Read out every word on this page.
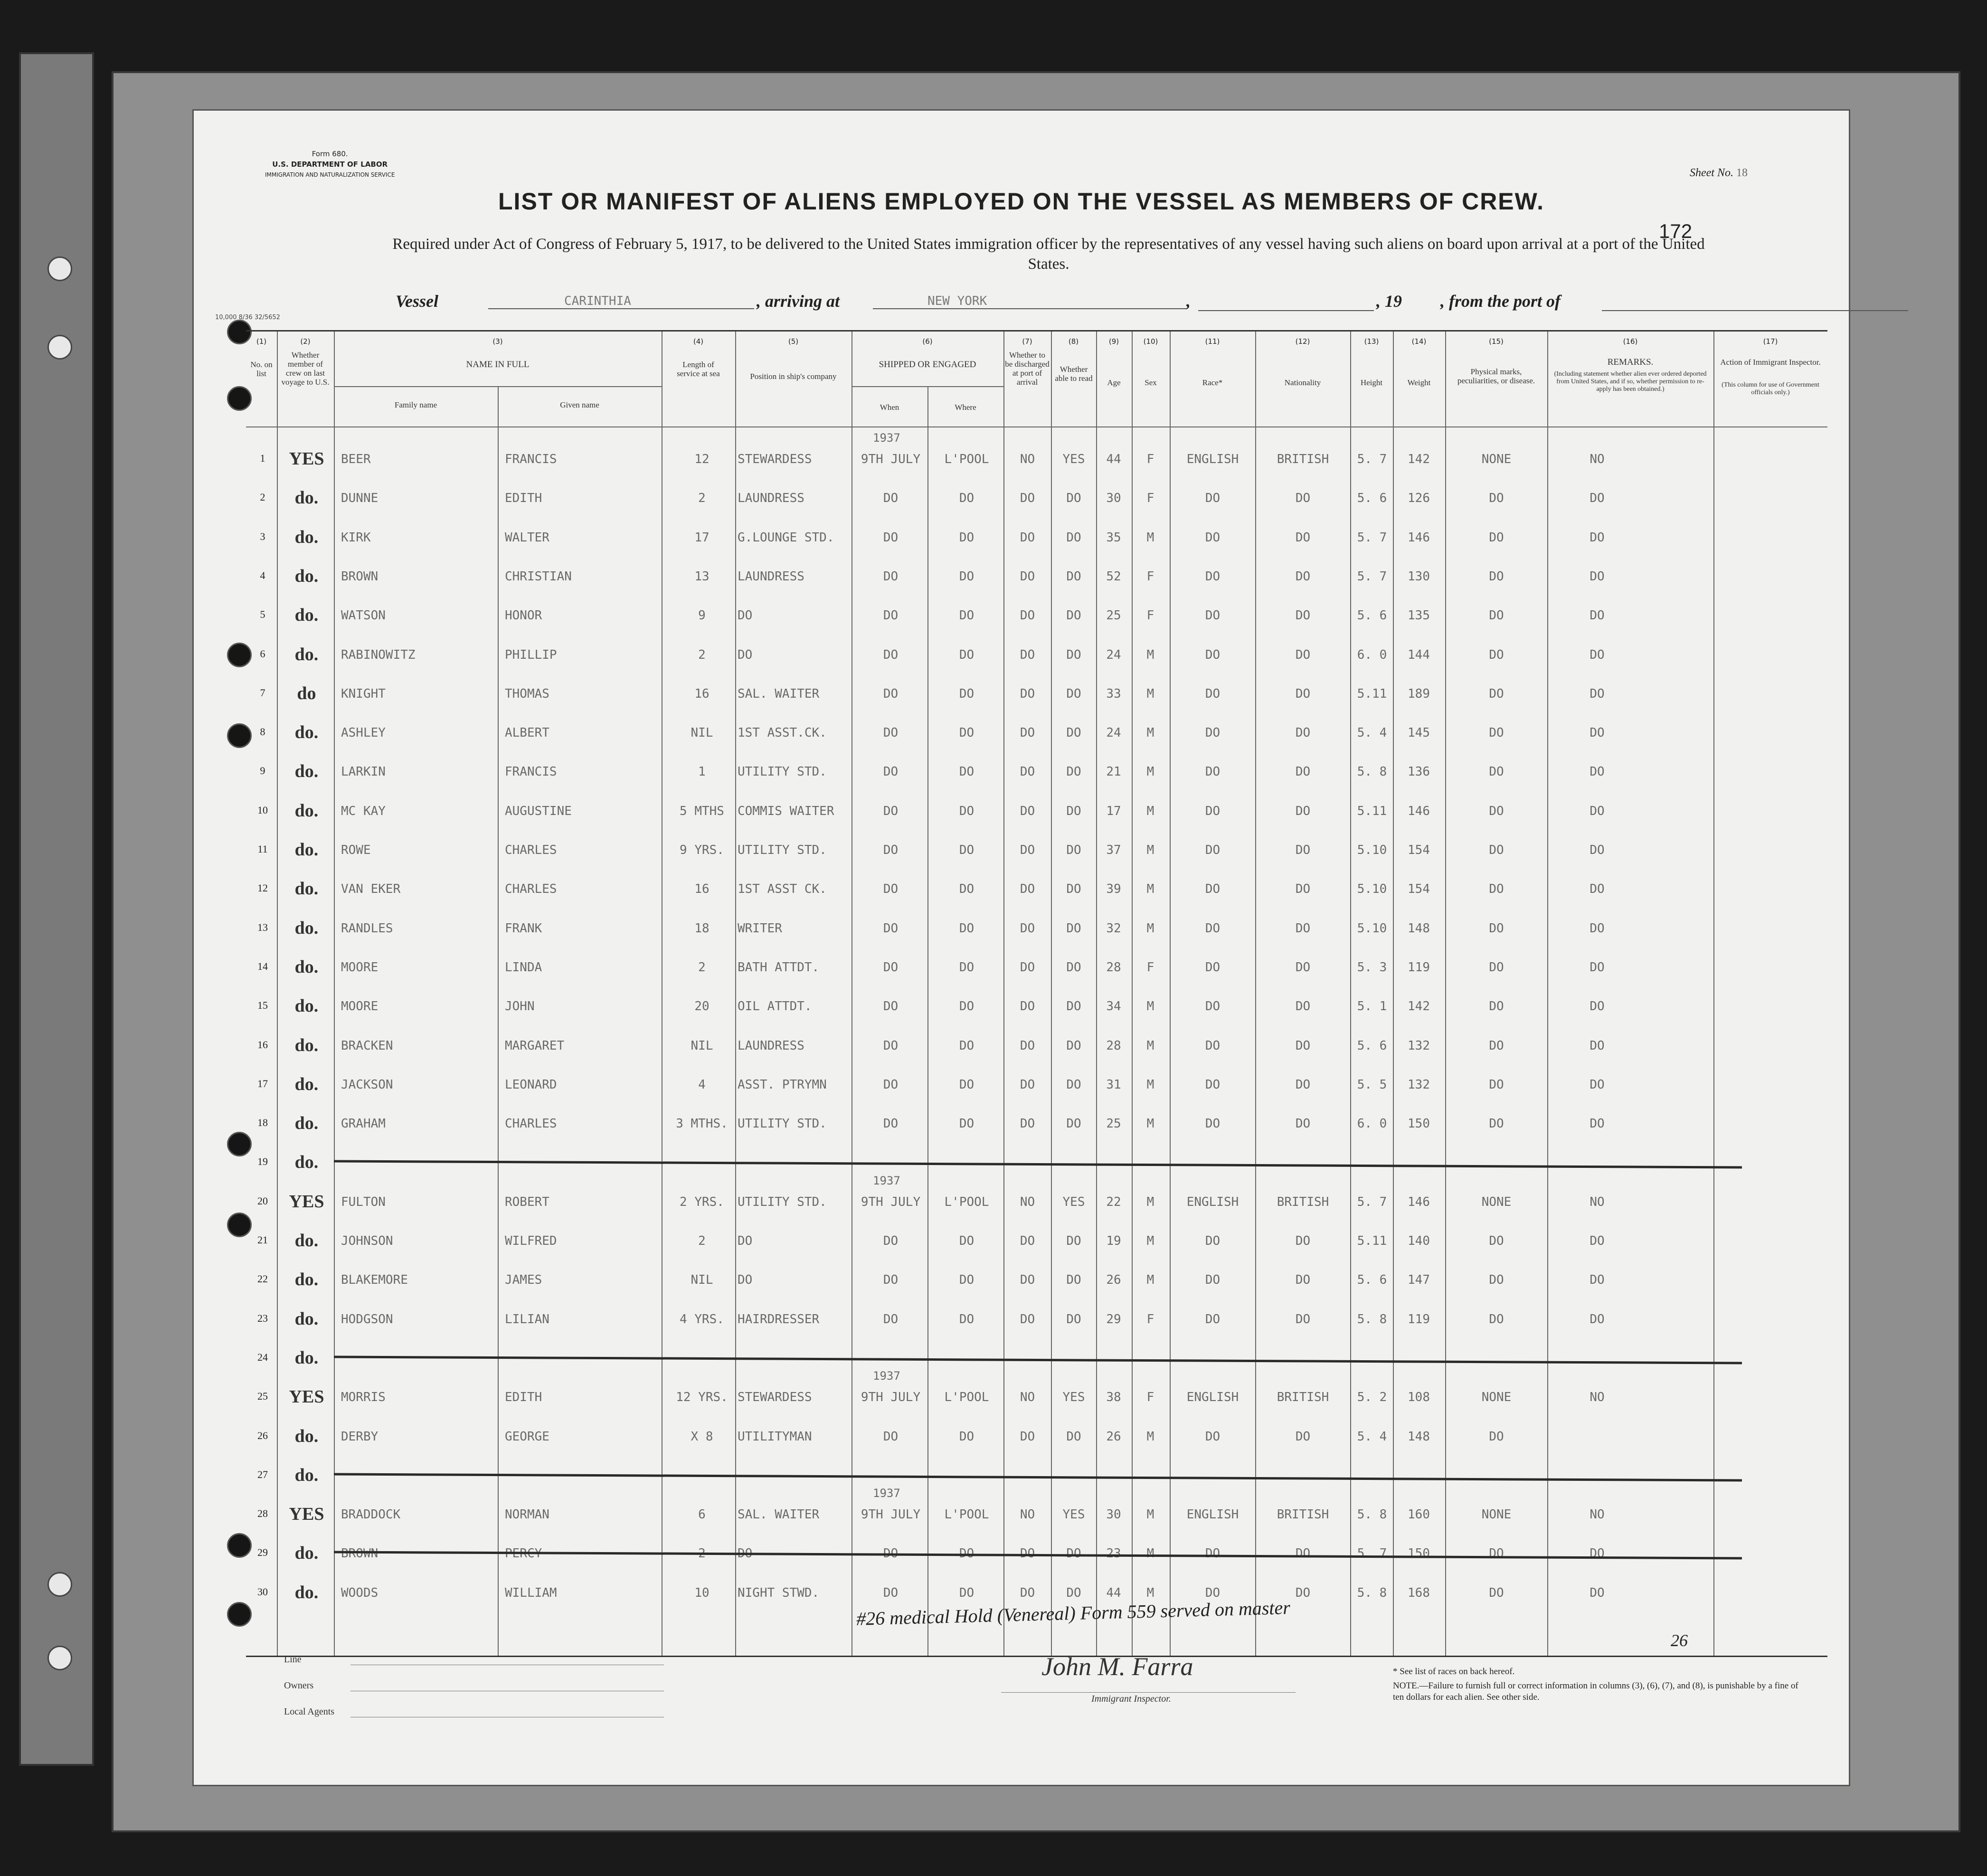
Form 680.
U.S. DEPARTMENT OF LABOR
IMMIGRATION AND NATURALIZATION SERVICE
LIST OR MANIFEST OF ALIENS EMPLOYED ON THE VESSEL AS MEMBERS OF CREW.
Required under Act of Congress of February 5, 1917, to be delivered to the United States immigration officer by the representatives of any vessel having such aliens on board upon arrival at a port of the United States.
Sheet No. 18
172
10,000 8/36 32/5652
Vessel	CARINTHIA	, arriving at	NEW YORK	,	, 19 , from the port of
(1)	(2)	(3)	(4)	(5)	(6)	(7)	(8)	(9)	(10)	(11)	(12)	(13)	(14)	(15)	(16)	(17)
No. on list
Whether member of crew on last voyage to U.S.
NAME IN FULL
Family name	Given name
Length of service at sea	Position in ship's company
SHIPPED OR ENGAGED
When	Where
Whether to be discharged at port of arrival
Whether able to read	Age	Sex	Race*	Nationality	Height	Weight
Physical marks, peculiarities, or disease.
REMARKS.
(Including statement whether alien ever ordered deported from United States, and if so, whether permission to re-apply has been obtained.)
Action of Immigrant Inspector.
(This column for use of Government officials only.)
1	YES	BEER	FRANCIS	12	STEWARDESS	9TH JULY	L'POOL	NO	YES	44	F	ENGLISH	BRITISH	5. 7	142	NONE	NO
2	do.	DUNNE	EDITH	2	LAUNDRESS	DO	DO	DO	DO	30	F	DO	DO	5. 6	126	DO	DO
3	do.	KIRK	WALTER	17	G.LOUNGE STD.	DO	DO	DO	DO	35	M	DO	DO	5. 7	146	DO	DO
4	do.	BROWN	CHRISTIAN	13	LAUNDRESS	DO	DO	DO	DO	52	F	DO	DO	5. 7	130	DO	DO
5	do.	WATSON	HONOR	9	DO	DO	DO	DO	DO	25	F	DO	DO	5. 6	135	DO	DO
6	do.	RABINOWITZ	PHILLIP	2	DO	DO	DO	DO	DO	24	M	DO	DO	6. 0	144	DO	DO
7	do	KNIGHT	THOMAS	16	SAL. WAITER	DO	DO	DO	DO	33	M	DO	DO	5.11	189	DO	DO
8	do.	ASHLEY	ALBERT	NIL	1ST ASST.CK.	DO	DO	DO	DO	24	M	DO	DO	5. 4	145	DO	DO
9	do.	LARKIN	FRANCIS	1	UTILITY STD.	DO	DO	DO	DO	21	M	DO	DO	5. 8	136	DO	DO
10	do.	MC KAY	AUGUSTINE	5 MTHS	COMMIS WAITER	DO	DO	DO	DO	17	M	DO	DO	5.11	146	DO	DO
11	do.	ROWE	CHARLES	9 YRS.	UTILITY STD.	DO	DO	DO	DO	37	M	DO	DO	5.10	154	DO	DO
12	do.	VAN EKER	CHARLES	16	1ST ASST CK.	DO	DO	DO	DO	39	M	DO	DO	5.10	154	DO	DO
13	do.	RANDLES	FRANK	18	WRITER	DO	DO	DO	DO	32	M	DO	DO	5.10	148	DO	DO
14	do.	MOORE	LINDA	2	BATH ATTDT.	DO	DO	DO	DO	28	F	DO	DO	5. 3	119	DO	DO
15	do.	MOORE	JOHN	20	OIL ATTDT.	DO	DO	DO	DO	34	M	DO	DO	5. 1	142	DO	DO
16	do.	BRACKEN	MARGARET	NIL	LAUNDRESS	DO	DO	DO	DO	28	M	DO	DO	5. 6	132	DO	DO
17	do.	JACKSON	LEONARD	4	ASST. PTRYMN	DO	DO	DO	DO	31	M	DO	DO	5. 5	132	DO	DO
18	do.	GRAHAM	CHARLES	3 MTHS. UTILITY STD.	DO	DO	DO	DO	25	M	DO	DO	6. 0	150	DO	DO
19	do.
20	YES	FULTON	ROBERT	2 YRS.	UTILITY STD.	9TH JULY	L'POOL	NO	YES	22	M	ENGLISH	BRITISH	5. 7	146	NONE	NO
21	do.	JOHNSON	WILFRED	2	DO	DO	DO	DO	DO	19	M	DO	DO	5.11	140	DO	DO
22	do.	BLAKEMORE	JAMES	NIL	DO	DO	DO	DO	DO	26	M	DO	DO	5. 6	147	DO	DO
23	do.	HODGSON	LILIAN	4 YRS.	HAIRDRESSER	DO	DO	DO	DO	29	F	DO	DO	5. 8	119	DO	DO
24	do.
25	YES	MORRIS	EDITH	12 YRS. STEWARDESS	9TH JULY	L'POOL	NO	YES	38	F	ENGLISH	BRITISH	5. 2	108	NONE	NO
26	do.	DERBY	GEORGE	X 8	UTILITYMAN	DO	DO	DO	DO	26	M	DO	DO	5. 4	148	DO
27	do.
28	YES	BRADDOCK	NORMAN	6	SAL. WAITER	9TH JULY	L'POOL	NO	YES	30	M	ENGLISH	BRITISH	5. 8	160	NONE	NO
29	do.	BROWN	PERCY	2	DO	DO	DO	DO	DO	23	M	DO	DO	5. 7	150	DO	DO
30	do.	WOODS	WILLIAM	10	NIGHT STWD.	DO	DO	DO	DO	44	M	DO	DO	5. 8	168	DO	DO
1937
1937
1937
1937
#26 medical Hold (Venereal) Form 559 served on master
26
Line
Owners
Local Agents
John M. Farra
Immigrant Inspector.
* See list of races on back hereof.
NOTE.—Failure to furnish full or correct information in columns (3), (6), (7), and (8), is punishable by a fine of ten dollars for each alien. See other side.
